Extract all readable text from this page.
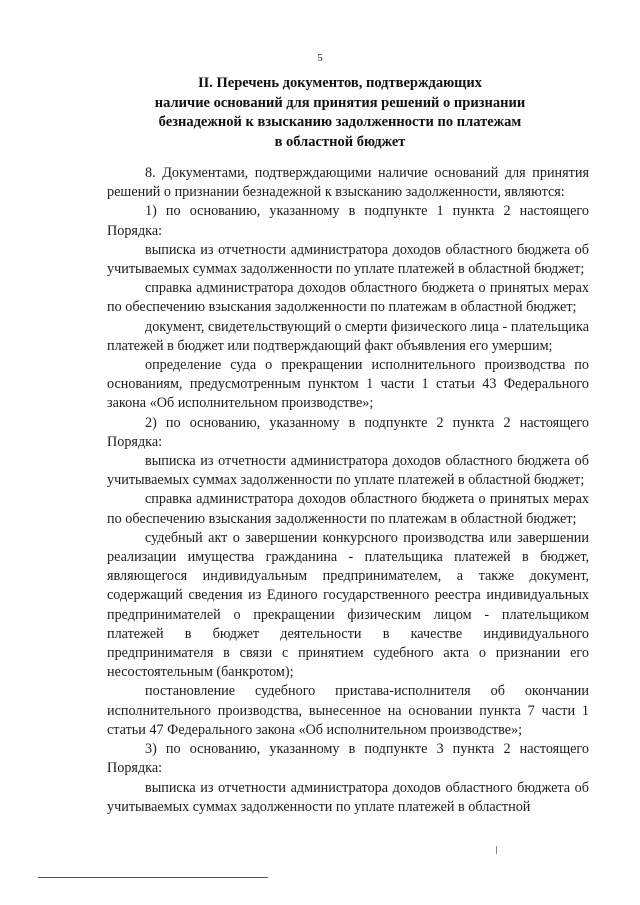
5
II. Перечень документов, подтверждающих
наличие оснований для принятия решений о признании
безнадежной к взысканию задолженности по платежам
в областной бюджет

8. Документами, подтверждающими наличие оснований для принятия решений о признании безнадежной к взысканию задолженности, являются:

1) по основанию, указанному в подпункте 1 пункта 2 настоящего Порядка:

выписка из отчетности администратора доходов областного бюджета об учитываемых суммах задолженности по уплате платежей в областной бюджет;

справка администратора доходов областного бюджета о принятых мерах по обеспечению взыскания задолженности по платежам в областной бюджет;

документ, свидетельствующий о смерти физического лица - плательщика платежей в бюджет или подтверждающий факт объявления его умершим;

определение суда о прекращении исполнительного производства по основаниям, предусмотренным пунктом 1 части 1 статьи 43 Федерального закона «Об исполнительном производстве»;

2) по основанию, указанному в подпункте 2 пункта 2 настоящего Порядка:

выписка из отчетности администратора доходов областного бюджета об учитываемых суммах задолженности по уплате платежей в областной бюджет;

справка администратора доходов областного бюджета о принятых мерах по обеспечению взыскания задолженности по платежам в областной бюджет;

судебный акт о завершении конкурсного производства или завершении реализации имущества гражданина - плательщика платежей в бюджет, являющегося индивидуальным предпринимателем, а также документ, содержащий сведения из Единого государственного реестра индивидуальных предпринимателей о прекращении физическим лицом - плательщиком платежей в бюджет деятельности в качестве индивидуального предпринимателя в связи с принятием судебного акта о признании его несостоятельным (банкротом);

постановление судебного пристава-исполнителя об окончании исполнительного производства, вынесенное на основании пункта 7 части 1 статьи 47 Федерального закона «Об исполнительном производстве»;

3) по основанию, указанному в подпункте 3 пункта 2 настоящего Порядка:

выписка из отчетности администратора доходов областного бюджета об учитываемых суммах задолженности по уплате платежей в областной
